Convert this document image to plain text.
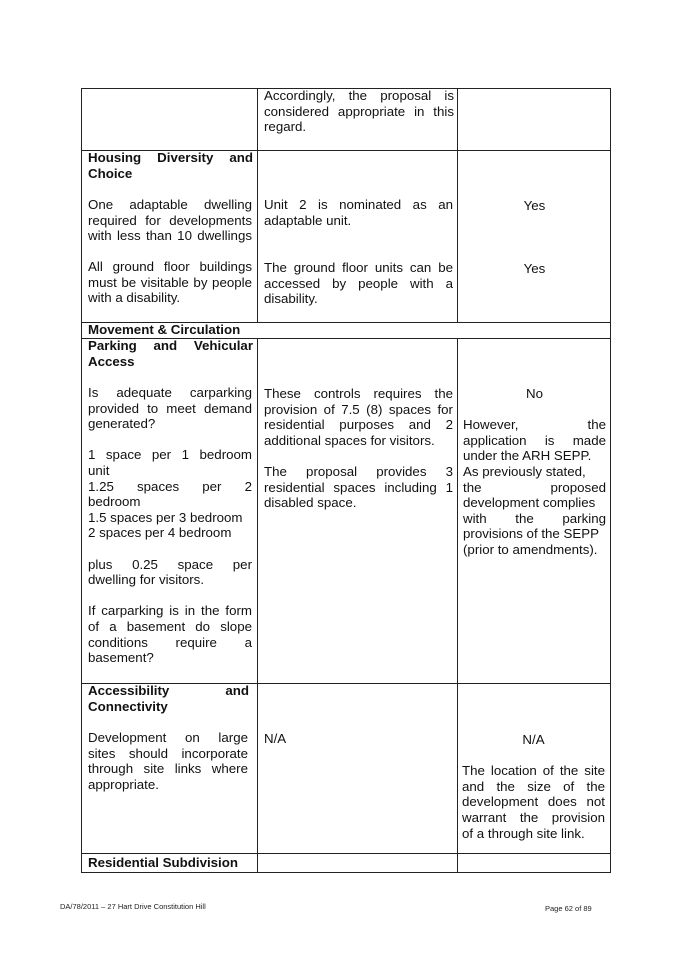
Accordingly, the proposal is

considered appropriate in this

regard.

Housing Diversity and

Choice

One adaptable dwelling

required for developments

with less than 10 dwellings

Unit 2 is nominated as an

adaptable unit.

Yes

All ground floor buildings

must be visitable by people

with a disability.

The ground floor units can be

accessed by people with a

disability.

Yes

Movement & Circulation

Parking and Vehicular

Access

Is adequate carparking

provided to meet demand

generated?

1 space per 1 bedroom

unit

1.25 spaces per 2

bedroom

1.5 spaces per 3 bedroom

2 spaces per 4 bedroom

plus 0.25 space per

dwelling for visitors.

If carparking is in the form

of a basement do slope

conditions require a

basement?

These controls requires the

provision of 7.5 (8) spaces for

residential purposes and 2

additional spaces for visitors.

The proposal provides 3

residential spaces including 1

disabled space.

No

However, the

application is made

under the ARH SEPP.

As previously stated,

the proposed

development complies

with the parking

provisions of the SEPP

(prior to amendments).

Accessibility and

Connectivity

Development on large

sites should incorporate

through site links where

appropriate.

N/A	N/A

The location of the site

and the size of the

development does not

warrant the provision

of a through site link.

Residential Subdivision

DA/78/2011 – 27 Hart Drive Constitution Hill	Page 62 of 89
